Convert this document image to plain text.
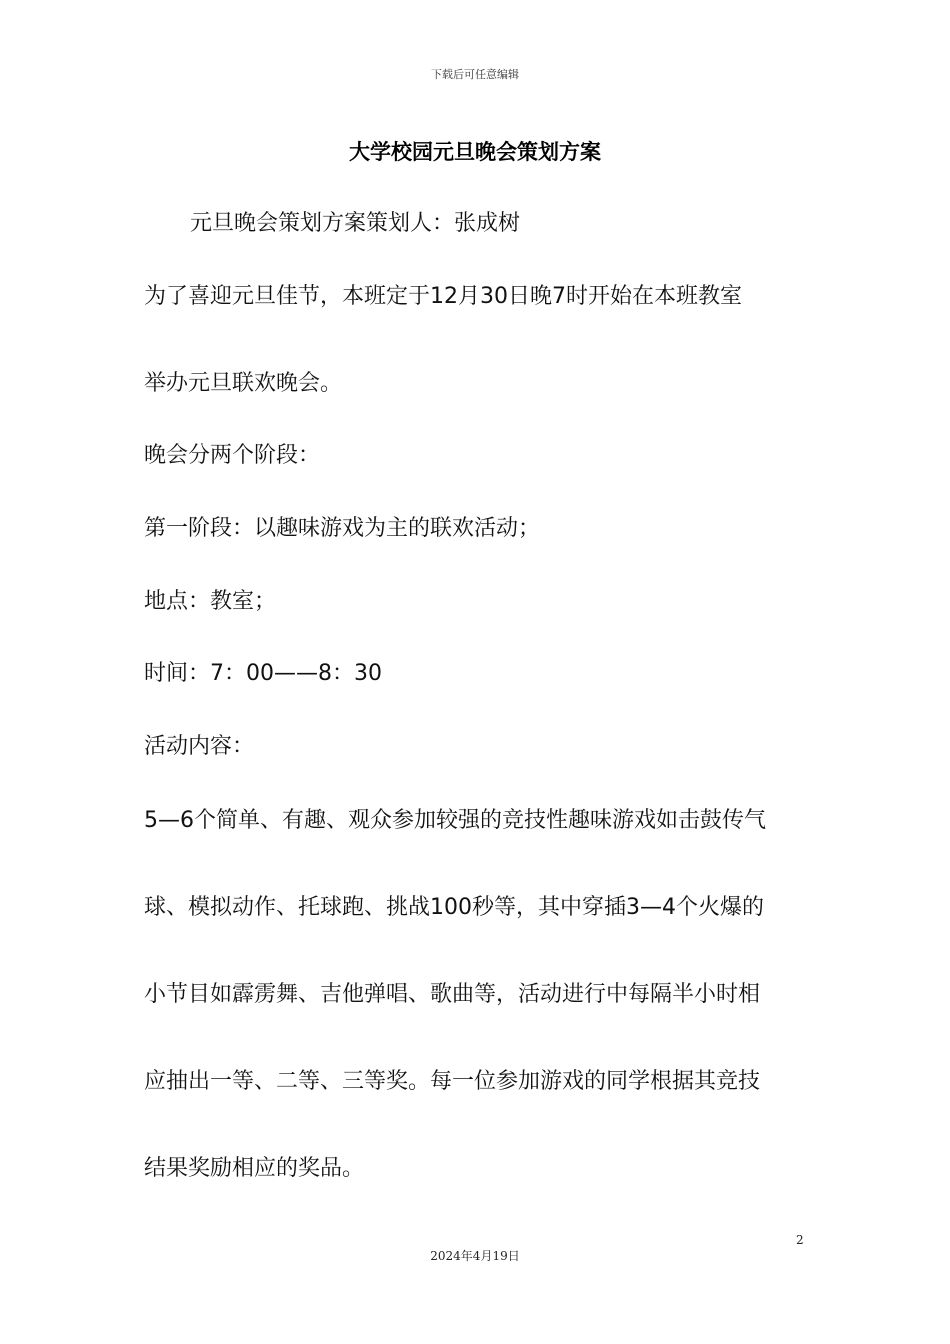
下载后可任意编辑
大学校园元旦晚会策划方案
元旦晚会策划方案策划人：张成树
为了喜迎元旦佳节，本班定于12月30日晚7时开始在本班教室
举办元旦联欢晚会。
晚会分两个阶段：
第一阶段：以趣味游戏为主的联欢活动；
地点：教室；
时间：7：00——8：30
活动内容：
5—6个简单、有趣、观众参加较强的竞技性趣味游戏如击鼓传气
球、模拟动作、托球跑、挑战100秒等，其中穿插3—4个火爆的
小节目如霹雳舞、吉他弹唱、歌曲等，活动进行中每隔半小时相
应抽出一等、二等、三等奖。每一位参加游戏的同学根据其竞技
结果奖励相应的奖品。
2
2024年4月19日
